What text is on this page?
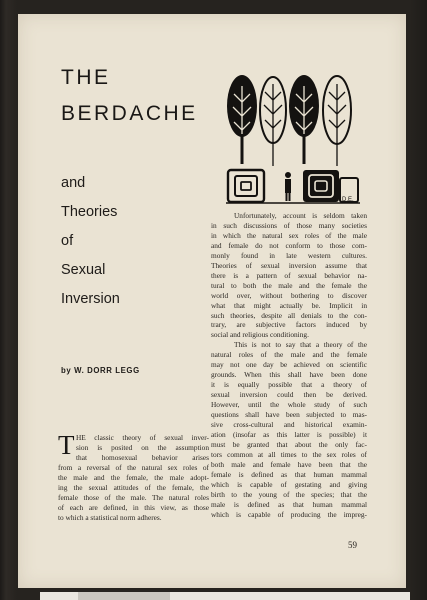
THE
BERDACHE
and
Theories
of
Sexual
Inversion
by W. DORR LEGG
D.E.
Unfortunately, account is seldom taken
in such discussions of those many societies
in which the natural sex roles of the male
and female do not conform to those com-
monly found in late western cultures.
Theories of sexual inversion assume that
there is a pattern of sexual behavior na-
tural to both the male and the female the
world over, without bothering to discover
what that might actually be. Implicit in
such theories, despite all denials to the con-
trary, are subjective factors induced by
social and religious conditioning.
This is not to say that a theory of the
natural roles of the male and the female
may not one day be achieved on scientific
grounds. When this shall have been done
it is equally possible that a theory of
sexual inversion could then be derived.
However, until the whole study of such
questions shall have been subjected to mas-
sive cross-cultural and historical examin-
ation (insofar as this latter is possible) it
must be granted that about the only fac-
tors common at all times to the sex roles of
both male and female have been that the
female is defined as that human mammal
which is capable of gestating and giving
birth to the young of the species; that the
male is defined as that human mammal
which is capable of producing the impreg-
T HE classic theory of sexual inver-
sion is posited on the assumption
that homosexual behavior arises
from a reversal of the natural sex roles of
the male and the female, the male adopt-
ing the sexual attitudes of the female, the
female those of the male. The natural roles
of each are defined, in this view, as those
to which a statistical norm adheres.
59
